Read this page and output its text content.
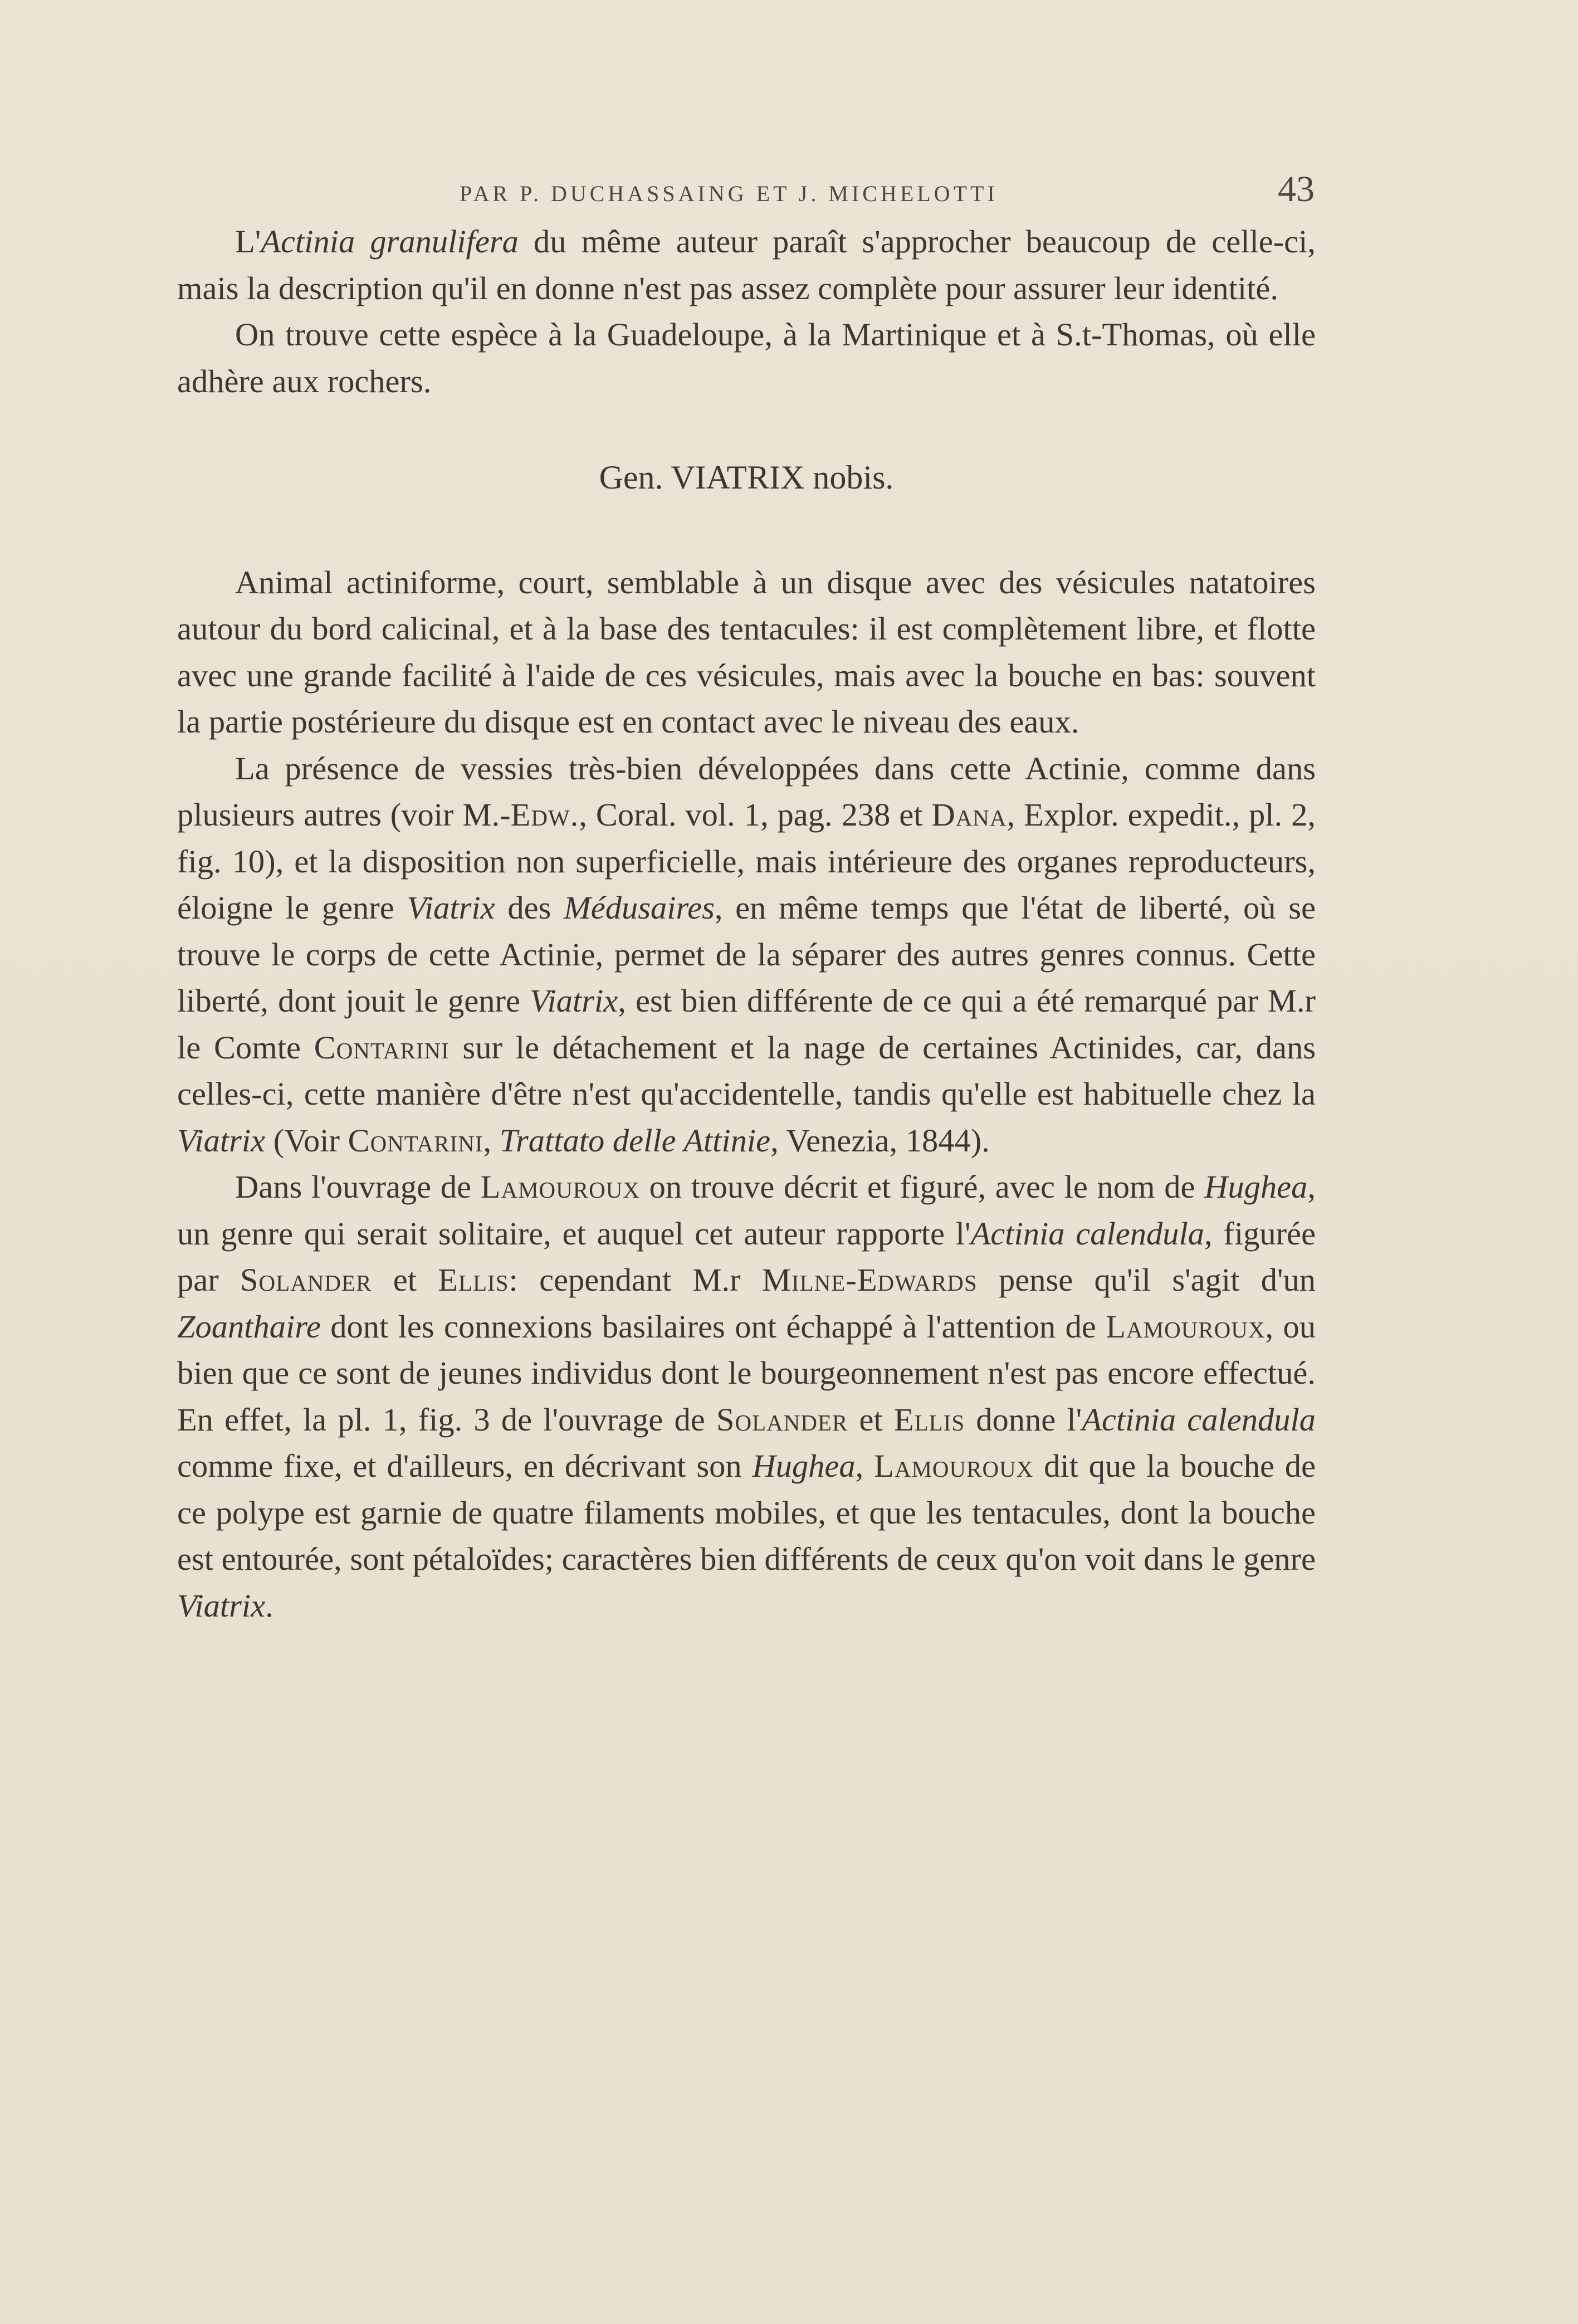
PAR P. DUCHASSAING ET J. MICHELOTTI	43

L'Actinia granulifera du même auteur paraît s'approcher beaucoup de celle-ci, mais la description qu'il en donne n'est pas assez complète pour assurer leur identité.

On trouve cette espèce à la Guadeloupe, à la Martinique et à S.t-Thomas, où elle adhère aux rochers.

Gen. VIATRIX nobis.

Animal actiniforme, court, semblable à un disque avec des vésicules natatoires autour du bord calicinal, et à la base des tentacules: il est complètement libre, et flotte avec une grande facilité à l'aide de ces vésicules, mais avec la bouche en bas: souvent la partie postérieure du disque est en contact avec le niveau des eaux.

La présence de vessies très-bien développées dans cette Actinie, comme dans plusieurs autres (voir M.-Edw., Coral. vol. 1, pag. 238 et Dana, Explor. expedit., pl. 2, fig. 10), et la disposition non superficielle, mais intérieure des organes reproducteurs, éloigne le genre Viatrix des Médusaires, en même temps que l'état de liberté, où se trouve le corps de cette Actinie, permet de la séparer des autres genres connus. Cette liberté, dont jouit le genre Viatrix, est bien différente de ce qui a été remarqué par M.r le Comte Contarini sur le détachement et la nage de certaines Actinides, car, dans celles-ci, cette manière d'être n'est qu'accidentelle, tandis qu'elle est habituelle chez la Viatrix (Voir Contarini, Trattato delle Attinie, Venezia, 1844).

Dans l'ouvrage de Lamouroux on trouve décrit et figuré, avec le nom de Hughea, un genre qui serait solitaire, et auquel cet auteur rapporte l'Actinia calendula, figurée par Solander et Ellis: cependant M.r Milne-Edwards pense qu'il s'agit d'un Zoanthaire dont les connexions basilaires ont échappé à l'attention de Lamouroux, ou bien que ce sont de jeunes individus dont le bourgeonnement n'est pas encore effectué. En effet, la pl. 1, fig. 3 de l'ouvrage de Solander et Ellis donne l'Actinia calendula comme fixe, et d'ailleurs, en décrivant son Hughea, Lamouroux dit que la bouche de ce polype est garnie de quatre filaments mobiles, et que les tentacules, dont la bouche est entourée, sont pétaloïdes; caractères bien différents de ceux qu'on voit dans le genre Viatrix.
